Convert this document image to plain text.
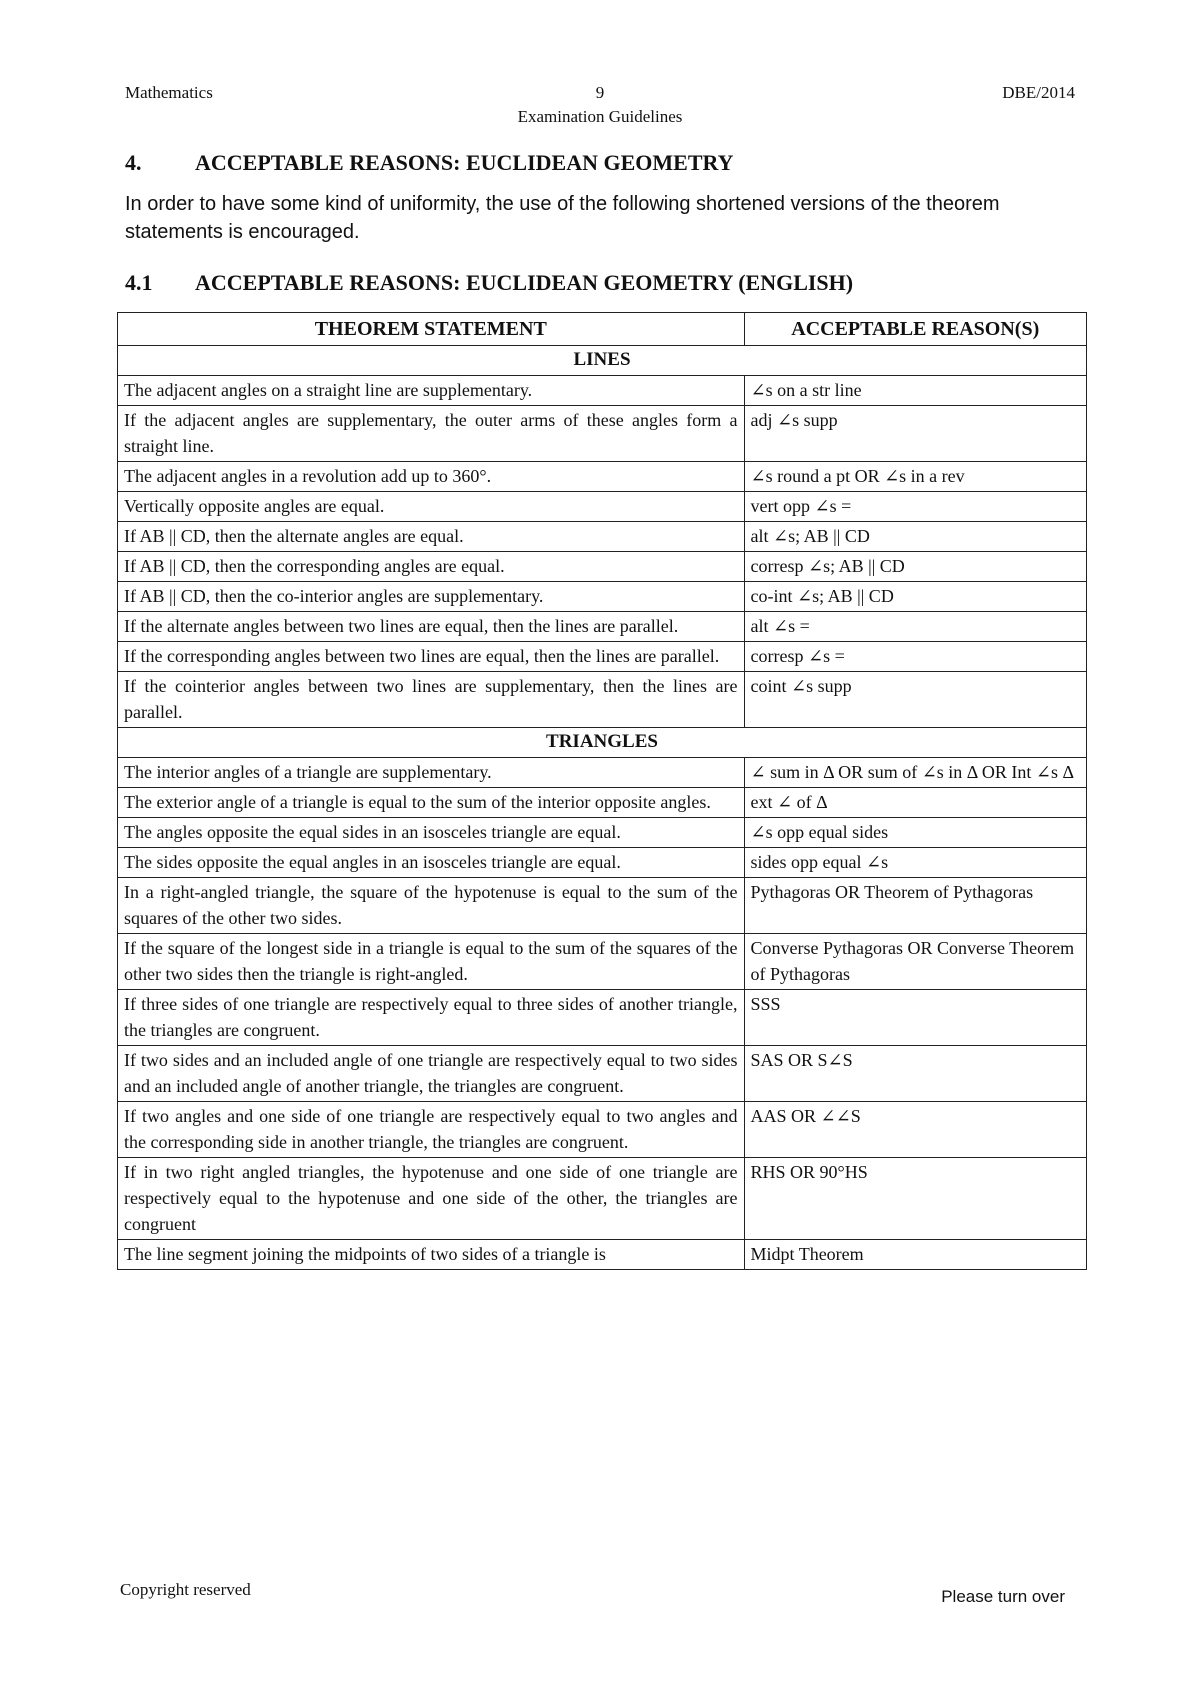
Mathematics	9
Examination Guidelines
DBE/2014
4. ACCEPTABLE REASONS: EUCLIDEAN GEOMETRY
In order to have some kind of uniformity, the use of the following shortened versions of the theorem statements is encouraged.
4.1 ACCEPTABLE REASONS: EUCLIDEAN GEOMETRY (ENGLISH)
THEOREM STATEMENT	ACCEPTABLE REASON(S)
LINES	
The adjacent angles on a straight line are supplementary.	∠s on a str line
If the adjacent angles are supplementary, the outer arms of these angles form a straight line.	adj ∠s supp
The adjacent angles in a revolution add up to 360°.	∠s round a pt OR ∠s in a rev
Vertically opposite angles are equal.	vert opp ∠s =
If AB || CD, then the alternate angles are equal.	alt ∠s; AB || CD
If AB || CD, then the corresponding angles are equal.	corresp ∠s; AB || CD
If AB || CD, then the co-interior angles are supplementary.	co-int ∠s; AB || CD
If the alternate angles between two lines are equal, then the lines are parallel.	alt ∠s =
If the corresponding angles between two lines are equal, then the lines are parallel.	corresp ∠s =
If the cointerior angles between two lines are supplementary, then the lines are parallel.	coint ∠s supp
TRIANGLES	
The interior angles of a triangle are supplementary.	∠ sum in Δ OR sum of ∠s in Δ OR Int ∠s Δ
The exterior angle of a triangle is equal to the sum of the interior opposite angles.	ext ∠ of Δ
The angles opposite the equal sides in an isosceles triangle are equal.	∠s opp equal sides
The sides opposite the equal angles in an isosceles triangle are equal.	sides opp equal ∠s
In a right-angled triangle, the square of the hypotenuse is equal to the sum of the squares of the other two sides.	Pythagoras OR Theorem of Pythagoras
If the square of the longest side in a triangle is equal to the sum of the squares of the other two sides then the triangle is right-angled.	Converse Pythagoras OR Converse Theorem of Pythagoras
If three sides of one triangle are respectively equal to three sides of another triangle, the triangles are congruent.	SSS
If two sides and an included angle of one triangle are respectively equal to two sides and an included angle of another triangle, the triangles are congruent.	SAS OR S∠S
If two angles and one side of one triangle are respectively equal to two angles and the corresponding side in another triangle, the triangles are congruent.	AAS OR ∠∠S
If in two right angled triangles, the hypotenuse and one side of one triangle are respectively equal to the hypotenuse and one side of the other, the triangles are congruent	RHS OR 90°HS
The line segment joining the midpoints of two sides of a triangle is	Midpt Theorem
Copyright reserved	Please turn over
